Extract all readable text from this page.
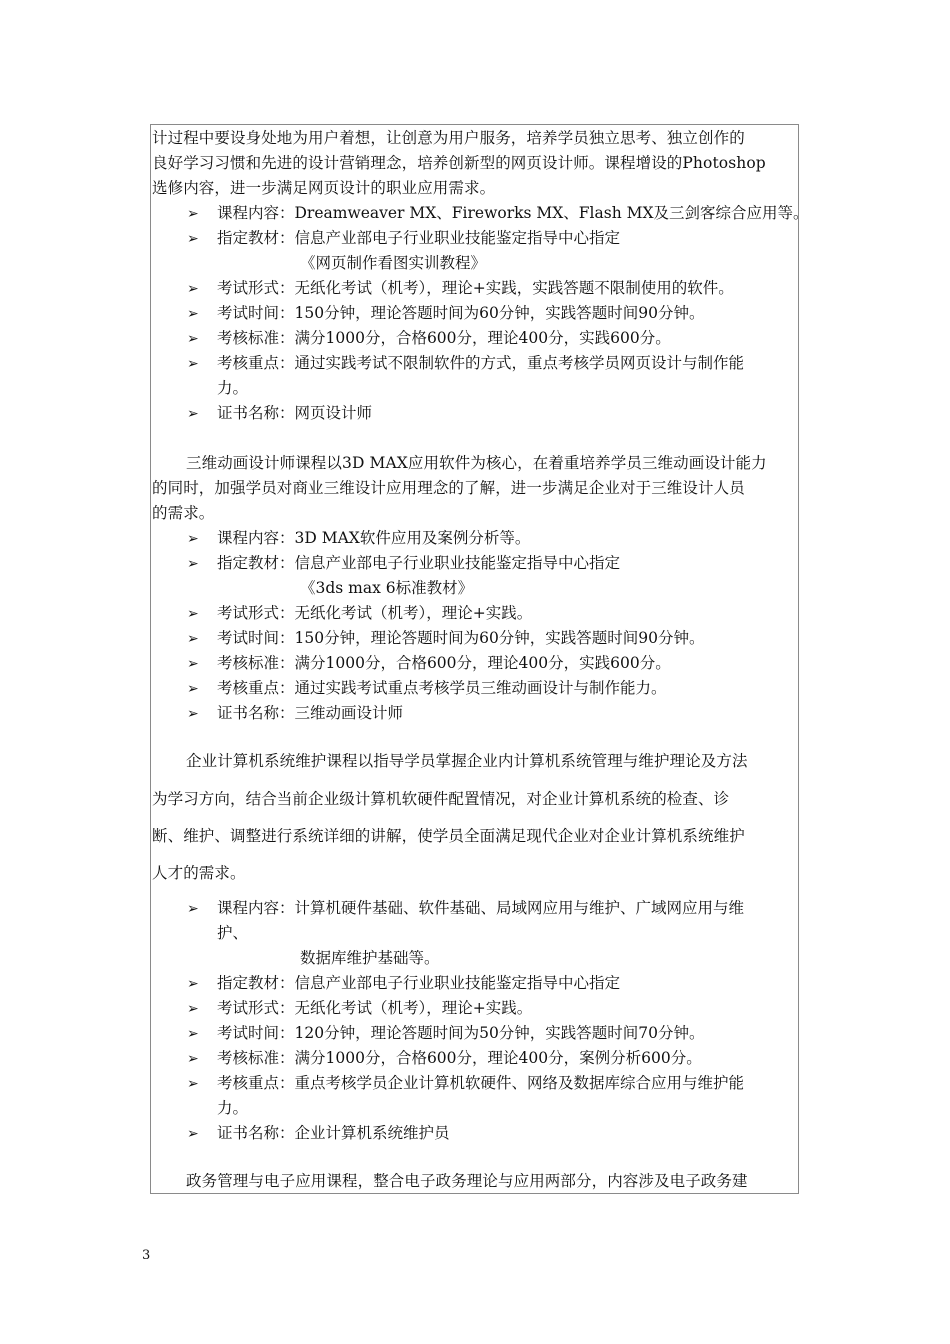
计过程中要设身处地为用户着想，让创意为用户服务，培养学员独立思考、独立创作的
良好学习习惯和先进的设计营销理念，培养创新型的网页设计师。课程增设的Photoshop
选修内容，进一步满足网页设计的职业应用需求。
➢ 课程内容：Dreamweaver MX、Fireworks MX、Flash MX及三剑客综合应用等。
➢ 指定教材：信息产业部电子行业职业技能鉴定指导中心指定
《网页制作看图实训教程》
➢ 考试形式：无纸化考试（机考），理论+实践，实践答题不限制使用的软件。
➢ 考试时间：150分钟，理论答题时间为60分钟，实践答题时间90分钟。
➢ 考核标准：满分1000分，合格600分，理论400分，实践600分。
➢ 考核重点：通过实践考试不限制软件的方式，重点考核学员网页设计与制作能
力。
➢ 证书名称：网页设计师
三维动画设计师课程以3D MAX应用软件为核心，在着重培养学员三维动画设计能力
的同时，加强学员对商业三维设计应用理念的了解，进一步满足企业对于三维设计人员
的需求。
➢ 课程内容：3D MAX软件应用及案例分析等。
➢ 指定教材：信息产业部电子行业职业技能鉴定指导中心指定
《3ds max 6标准教材》
➢ 考试形式：无纸化考试（机考），理论+实践。
➢ 考试时间：150分钟，理论答题时间为60分钟，实践答题时间90分钟。
➢ 考核标准：满分1000分，合格600分，理论400分，实践600分。
➢ 考核重点：通过实践考试重点考核学员三维动画设计与制作能力。
➢ 证书名称：三维动画设计师
企业计算机系统维护课程以指导学员掌握企业内计算机系统管理与维护理论及方法
为学习方向，结合当前企业级计算机软硬件配置情况，对企业计算机系统的检查、诊
断、维护、调整进行系统详细的讲解，使学员全面满足现代企业对企业计算机系统维护
人才的需求。
➢ 课程内容：计算机硬件基础、软件基础、局域网应用与维护、广域网应用与维
护、
数据库维护基础等。
➢ 指定教材：信息产业部电子行业职业技能鉴定指导中心指定
➢ 考试形式：无纸化考试（机考），理论+实践。
➢ 考试时间：120分钟，理论答题时间为50分钟，实践答题时间70分钟。
➢ 考核标准：满分1000分，合格600分，理论400分，案例分析600分。
➢ 考核重点：重点考核学员企业计算机软硬件、网络及数据库综合应用与维护能
力。
➢ 证书名称：企业计算机系统维护员
政务管理与电子应用课程，整合电子政务理论与应用两部分，内容涉及电子政务建
3
